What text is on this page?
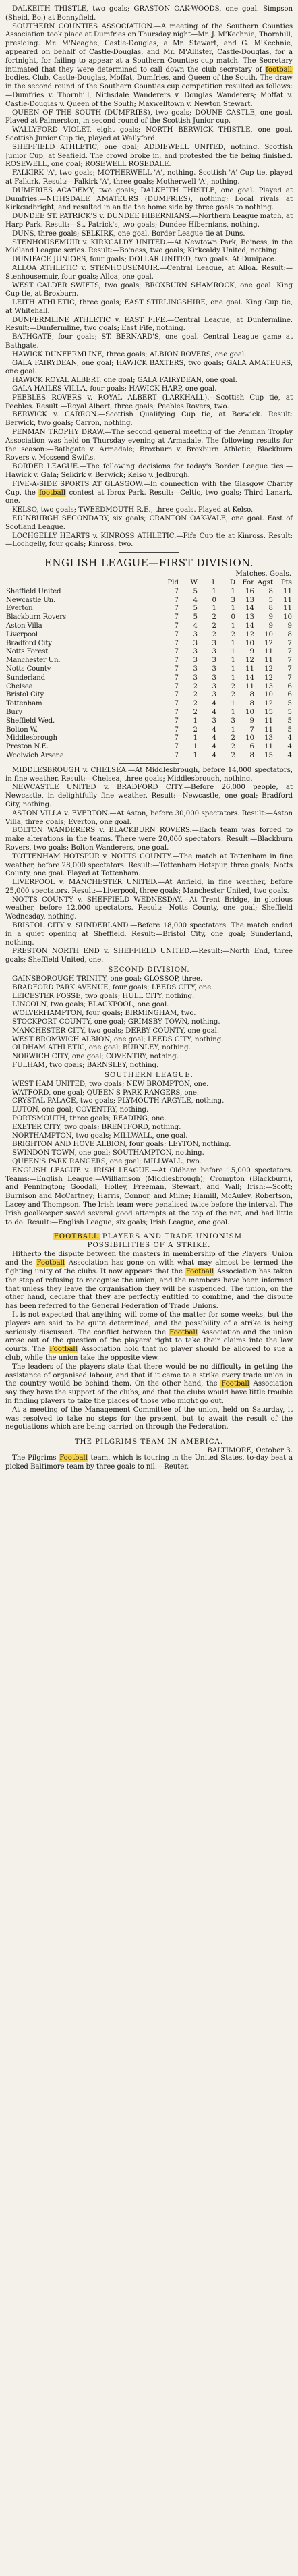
DALKEITH THISTLE, two goals; GRASTON OAK-WOODS, one goal. Simpson (Sheid, Bo.) at Bonnyfield.

SOUTHERN COUNTIES ASSOCIATION.—A meeting of the Southern Counties Association took place at Dumfries on Thursday night—Mr. J. M'Kechnie, Thornhill, presiding. Mr. M'Neaghe, Castle-Douglas, a Mr. Stewart, and G. M'Kechnie, appeared on behalf of Castle-Douglas, and Mr. M'Allister, Castle-Douglas, for a fortnight, for failing to appear at a Southern Counties cup match. The Secretary intimated that they were determined to call down the club secretary of football bodies. Club, Castle-Douglas, Moffat, Dumfries, and Queen of the South. The draw in the second round of the Southern Counties cup competition resulted as follows:—Dumfries v. Thornhill, Nithsdale Wanderers v. Douglas Wanderers; Moffat v. Castle-Douglas v. Queen of the South; Maxwelltown v. Newton Stewart.

QUEEN OF THE SOUTH (DUMFRIES), two goals; DOUNE CASTLE, one goal. Played at Palmerston, in second round of the Scottish Junior cup.

WALLYFORD VIOLET, eight goals; NORTH BERWICK THISTLE, one goal. Scottish Junior Cup tie, played at Wallyford.

SHEFFIELD ATHLETIC, one goal; ADDIEWELL UNITED, nothing. Scottish Junior Cup, at Seafield. The crowd broke in, and protested the tie being finished. ROSEWELL, one goal; ROSEWELL ROSEDALE.

FALKIRK 'A', two goals; MOTHERWELL 'A', nothing. Scottish 'A' Cup tie, played at Falkirk. Result:—Falkirk 'A', three goals; Motherwell 'A', nothing.

DUMFRIES ACADEMY, two goals; DALKEITH THISTLE, one goal. Played at Dumfries.—NITHSDALE AMATEURS (DUMFRIES), nothing; Local rivals at Kirkcudbright, and resulted in an tie the home side by three goals to nothing.

DUNDEE ST. PATRICK'S v. DUNDEE HIBERNIANS.—Northern League match, at Harp Park. Result:—St. Patrick's, two goals; Dundee Hibernians, nothing.

DUNS, three goals; SELKIRK, one goal. Border League tie at Duns.

STENHOUSEMUIR v. KIRKCALDY UNITED.—At Newtown Park, Bo'ness, in the Midland League series. Result:—Bo'ness, two goals; Kirkcaldy United, nothing.

DUNIPACE JUNIORS, four goals; DOLLAR UNITED, two goals. At Dunipace.

ALLOA ATHLETIC v. STENHOUSEMUIR.—Central League, at Alloa. Result:—Stenhousemuir, four goals; Alloa, one goal.

WEST CALDER SWIFTS, two goals; BROXBURN SHAMROCK, one goal. King Cup tie, at Broxburn.

LEITH ATHLETIC, three goals; EAST STIRLINGSHIRE, one goal. King Cup tie, at Whitehall.

DUNFERMLINE ATHLETIC v. EAST FIFE.—Central League, at Dunfermline. Result:—Dunfermline, two goals; East Fife, nothing.

BATHGATE, four goals; ST. BERNARD'S, one goal. Central League game at Bathgate.

HAWICK DUNFERMLINE, three goals; ALBION ROVERS, one goal.

GALA FAIRYDEAN, one goal; HAWICK BAXTERS, two goals; GALA AMATEURS, one goal.

HAWICK ROYAL ALBERT, one goal; GALA FAIRYDEAN, one goal.

GALA HAILES VILLA, four goals; HAWICK HARP, one goal.

PEEBLES ROVERS v. ROYAL ALBERT (LARKHALL).—Scottish Cup tie, at Peebles. Result:—Royal Albert, three goals; Peebles Rovers, two.

BERWICK v. CARRON.—Scottish Qualifying Cup tie, at Berwick. Result: Berwick, two goals; Carron, nothing.

PENMAN TROPHY DRAW.—The second general meeting of the Penman Trophy Association was held on Thursday evening at Armadale. The following results for the season:—Bathgate v. Armadale; Broxburn v. Broxburn Athletic; Blackburn Rovers v. Mossend Swifts.

BORDER LEAGUE.—The following decisions for today's Border League ties:—Hawick v. Gala; Selkirk v. Berwick; Kelso v. Jedburgh.

FIVE-A-SIDE SPORTS AT GLASGOW.—In connection with the Glasgow Charity Cup, the football contest at Ibrox Park. Result:—Celtic, two goals; Third Lanark, one.

KELSO, two goals; TWEEDMOUTH R.E., three goals. Played at Kelso.

EDINBURGH SECONDARY, six goals; CRANTON OAK-VALE, one goal. East of Scotland League.

LOCHGELLY HEARTS v. KINROSS ATHLETIC.—Fife Cup tie at Kinross. Result:—Lochgelly, four goals; Kinross, two.

ENGLISH LEAGUE—FIRST DIVISION.
Matches. Goals.
	Pld	W	L	D	For	Agst	Pts
Sheffield United	7	5	1	1	16	8	11
Newcastle Un.	7	4	0	3	13	5	11
Everton	7	5	1	1	14	8	11
Blackburn Rovers	7	5	2	0	13	9	10
Aston Villa	7	4	2	1	14	9	9
Liverpool	7	3	2	2	12	10	8
Bradford City	7	3	3	1	10	12	7
Notts Forest	7	3	3	1	9	11	7
Manchester Un.	7	3	3	1	12	11	7
Notts County	7	3	3	1	11	12	7
Sunderland	7	3	3	1	14	12	7
Chelsea	7	2	3	2	11	13	6
Bristol City	7	2	3	2	8	10	6
Tottenham	7	2	4	1	8	12	5
Bury	7	2	4	1	10	15	5
Sheffield Wed.	7	1	3	3	9	11	5
Bolton W.	7	2	4	1	7	11	5
Middlesbrough	7	1	4	2	10	13	4
Preston N.E.	7	1	4	2	6	11	4
Woolwich Arsenal	7	1	4	2	8	15	4

MIDDLESBROUGH v. CHELSEA.—At Middlesbrough, before 14,000 spectators, in fine weather. Result:—Chelsea, three goals; Middlesbrough, nothing.

NEWCASTLE UNITED v. BRADFORD CITY.—Before 26,000 people, at Newcastle, in delightfully fine weather. Result:—Newcastle, one goal; Bradford City, nothing.

ASTON VILLA v. EVERTON.—At Aston, before 30,000 spectators. Result:—Aston Villa, three goals; Everton, one goal.

BOLTON WANDERERS v. BLACKBURN ROVERS.—Each team was forced to make alterations in the teams. There were 20,000 spectators. Result:—Blackburn Rovers, two goals; Bolton Wanderers, one goal.

TOTTENHAM HOTSPUR v. NOTTS COUNTY.—The match at Tottenham in fine weather, before 28,000 spectators. Result:—Tottenham Hotspur, three goals; Notts County, one goal. Played at Tottenham.

LIVERPOOL v. MANCHESTER UNITED.—At Anfield, in fine weather, before 25,000 spectators. Result:—Liverpool, three goals; Manchester United, two goals.

NOTTS COUNTY v. SHEFFIELD WEDNESDAY.—At Trent Bridge, in glorious weather, before 12,000 spectators. Result:—Notts County, one goal; Sheffield Wednesday, nothing.

BRISTOL CITY v. SUNDERLAND.—Before 18,000 spectators. The match ended in a quiet opening at Sheffield. Result:—Bristol City, one goal; Sunderland, nothing.

PRESTON NORTH END v. SHEFFIELD UNITED.—Result:—North End, three goals; Sheffield United, one.

SECOND DIVISION.

GAINSBOROUGH TRINITY, one goal; GLOSSOP, three.

BRADFORD PARK AVENUE, four goals; LEEDS CITY, one.

LEICESTER FOSSE, two goals; HULL CITY, nothing.

LINCOLN, two goals; BLACKPOOL, one goal.

WOLVERHAMPTON, four goals; BIRMINGHAM, two.

STOCKPORT COUNTY, one goal; GRIMSBY TOWN, nothing.

MANCHESTER CITY, two goals; DERBY COUNTY, one goal.

WEST BROMWICH ALBION, one goal; LEEDS CITY, nothing.

OLDHAM ATHLETIC, one goal; BURNLEY, nothing.

NORWICH CITY, one goal; COVENTRY, nothing.

FULHAM, two goals; BARNSLEY, nothing.

SOUTHERN LEAGUE.

WEST HAM UNITED, two goals; NEW BROMPTON, one.

WATFORD, one goal; QUEEN'S PARK RANGERS, one.

CRYSTAL PALACE, two goals; PLYMOUTH ARGYLE, nothing.

LUTON, one goal; COVENTRY, nothing.

PORTSMOUTH, three goals; READING, one.

EXETER CITY, two goals; BRENTFORD, nothing.

NORTHAMPTON, two goals; MILLWALL, one goal.

BRIGHTON AND HOVE ALBION, four goals; LEYTON, nothing.

SWINDON TOWN, one goal; SOUTHAMPTON, nothing.

QUEEN'S PARK RANGERS, one goal; MILLWALL, two.

ENGLISH LEAGUE v. IRISH LEAGUE.—At Oldham before 15,000 spectators. Teams:—English League:—Williamson (Middlesbrough); Crompton (Blackburn), and Pennington; Goodall, Holley, Freeman, Stewart, and Wall; Irish:—Scott; Burnison and McCartney; Harris, Connor, and Milne; Hamill, McAuley, Robertson, Lacey and Thompson. The Irish team were penalised twice before the interval. The Irish goalkeeper saved several good attempts at the top of the net, and had little to do. Result:—English League, six goals; Irish League, one goal.

FOOTBALL PLAYERS AND TRADE UNIONISM.
POSSIBILITIES OF A STRIKE.

Hitherto the dispute between the masters in membership of the Players' Union and the Football Association has gone on with what may almost be termed the fighting unity of the clubs. It now appears that the Football Association has taken the step of refusing to recognise the union, and the members have been informed that unless they leave the organisation they will be suspended. The union, on the other hand, declare that they are perfectly entitled to combine, and the dispute has been referred to the General Federation of Trade Unions.

It is not expected that anything will come of the matter for some weeks, but the players are said to be quite determined, and the possibility of a strike is being seriously discussed. The conflict between the Football Association and the union arose out of the question of the players' right to take their claims into the law courts. The Football Association hold that no player should be allowed to sue a club, while the union take the opposite view.

The leaders of the players state that there would be no difficulty in getting the assistance of organised labour, and that if it came to a strike every trade union in the country would be behind them. On the other hand, the Football Association say they have the support of the clubs, and that the clubs would have little trouble in finding players to take the places of those who might go out.

At a meeting of the Management Committee of the union, held on Saturday, it was resolved to take no steps for the present, but to await the result of the negotiations which are being carried on through the Federation.

THE PILGRIMS TEAM IN AMERICA.

BALTIMORE, October 3.

The Pilgrims Football team, which is touring in the United States, to-day beat a picked Baltimore team by three goals to nil.—Reuter.
